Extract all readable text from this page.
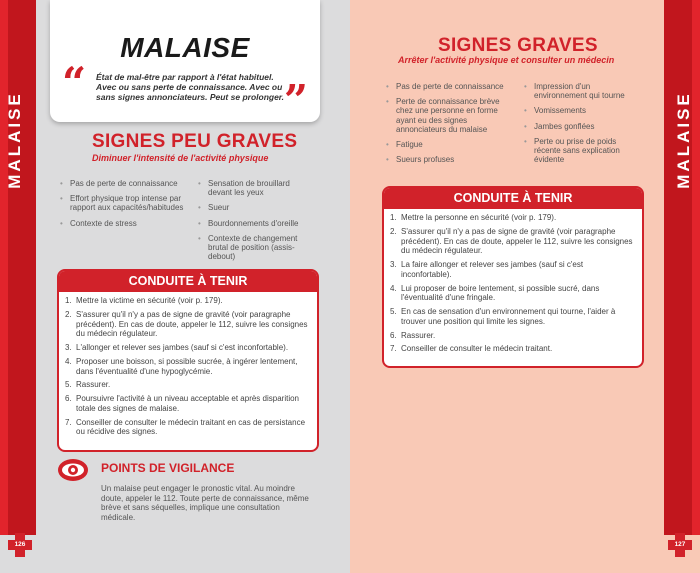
MALAISE	MALAISE
MALAISE
“ État de mal-être par rapport à l'état habituel. Avec ou sans perte de connaissance. Avec ou sans signes annonciateurs. Peut se prolonger. ”
SIGNES PEU GRAVES
Diminuer l'intensité de l'activité physique
• Pas de perte de connaissance
• Effort physique trop intense par rapport aux capacités/habitudes
• Contexte de stress
• Sensation de brouillard devant les yeux
• Sueur
• Bourdonnements d'oreille
• Contexte de changement brutal de position (assis-debout)
CONDUITE À TENIR
1. Mettre la victime en sécurité (voir p. 179).
2. S'assurer qu'il n'y a pas de signe de gravité (voir paragraphe précédent). En cas de doute, appeler le 112, suivre les consignes du médecin régulateur.
3. L'allonger et relever ses jambes (sauf si c'est inconfortable).
4. Proposer une boisson, si possible sucrée, à ingérer lentement, dans l'éventualité d'une hypoglycémie.
5. Rassurer.
6. Poursuivre l'activité à un niveau acceptable et après disparition totale des signes de malaise.
7. Conseiller de consulter le médecin traitant en cas de persistance ou récidive des signes.
POINTS DE VIGILANCE
Un malaise peut engager le pronostic vital. Au moindre doute, appeler le 112. Toute perte de connaissance, même brève et sans séquelles, implique une consultation médicale.
SIGNES GRAVES
Arrêter l'activité physique et consulter un médecin
• Pas de perte de connaissance
• Perte de connaissance brève chez une personne en forme ayant eu des signes annonciateurs du malaise
• Fatigue
• Sueurs profuses
• Impression d'un environnement qui tourne
• Vomissements
• Jambes gonflées
• Perte ou prise de poids récente sans explication évidente
CONDUITE À TENIR
1. Mettre la personne en sécurité (voir p. 179).
2. S'assurer qu'il n'y a pas de signe de gravité (voir paragraphe précédent). En cas de doute, appeler le 112, suivre les consignes du médecin régulateur.
3. La faire allonger et relever ses jambes (sauf si c'est inconfortable).
4. Lui proposer de boire lentement, si possible sucré, dans l'éventualité d'une fringale.
5. En cas de sensation d'un environnement qui tourne, l'aider à trouver une position qui limite les signes.
6. Rassurer.
7. Conseiller de consulter le médecin traitant.
126	127
